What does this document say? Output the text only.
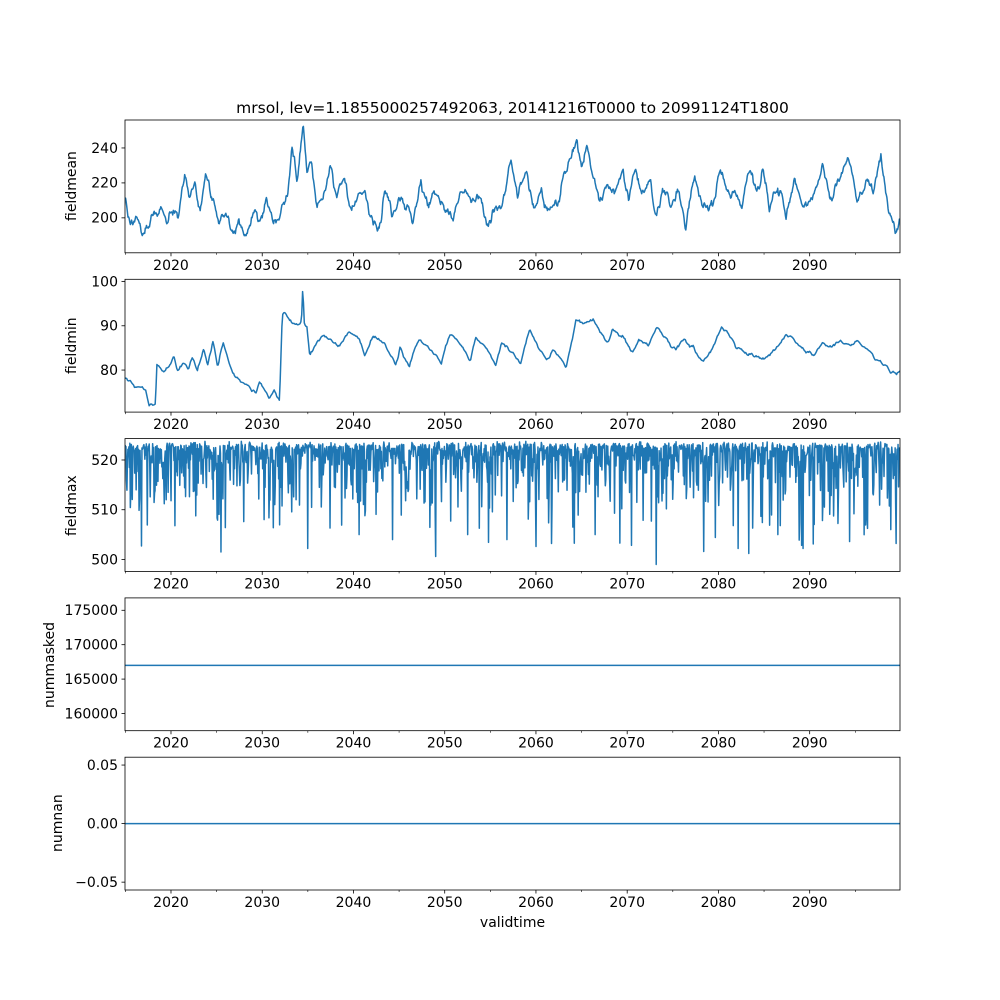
mrsol, lev=1.1855000257492063, 20141216T0000 to 20991124T1800
fieldmean
fieldmin
fieldmax
nummasked
numnan
2020	2030	2040	2050	2060	2070	2080	2090
200
220
240
2020	2030	2040	2050	2060	2070	2080	2090
80
90
100
2020	2030	2040	2050	2060	2070	2080	2090
500
510
520
2020	2030	2040	2050	2060	2070	2080	2090
160000
165000
170000
175000
2020	2030	2040	2050	2060	2070	2080	2090
−0.05
0.00
0.05
validtime
